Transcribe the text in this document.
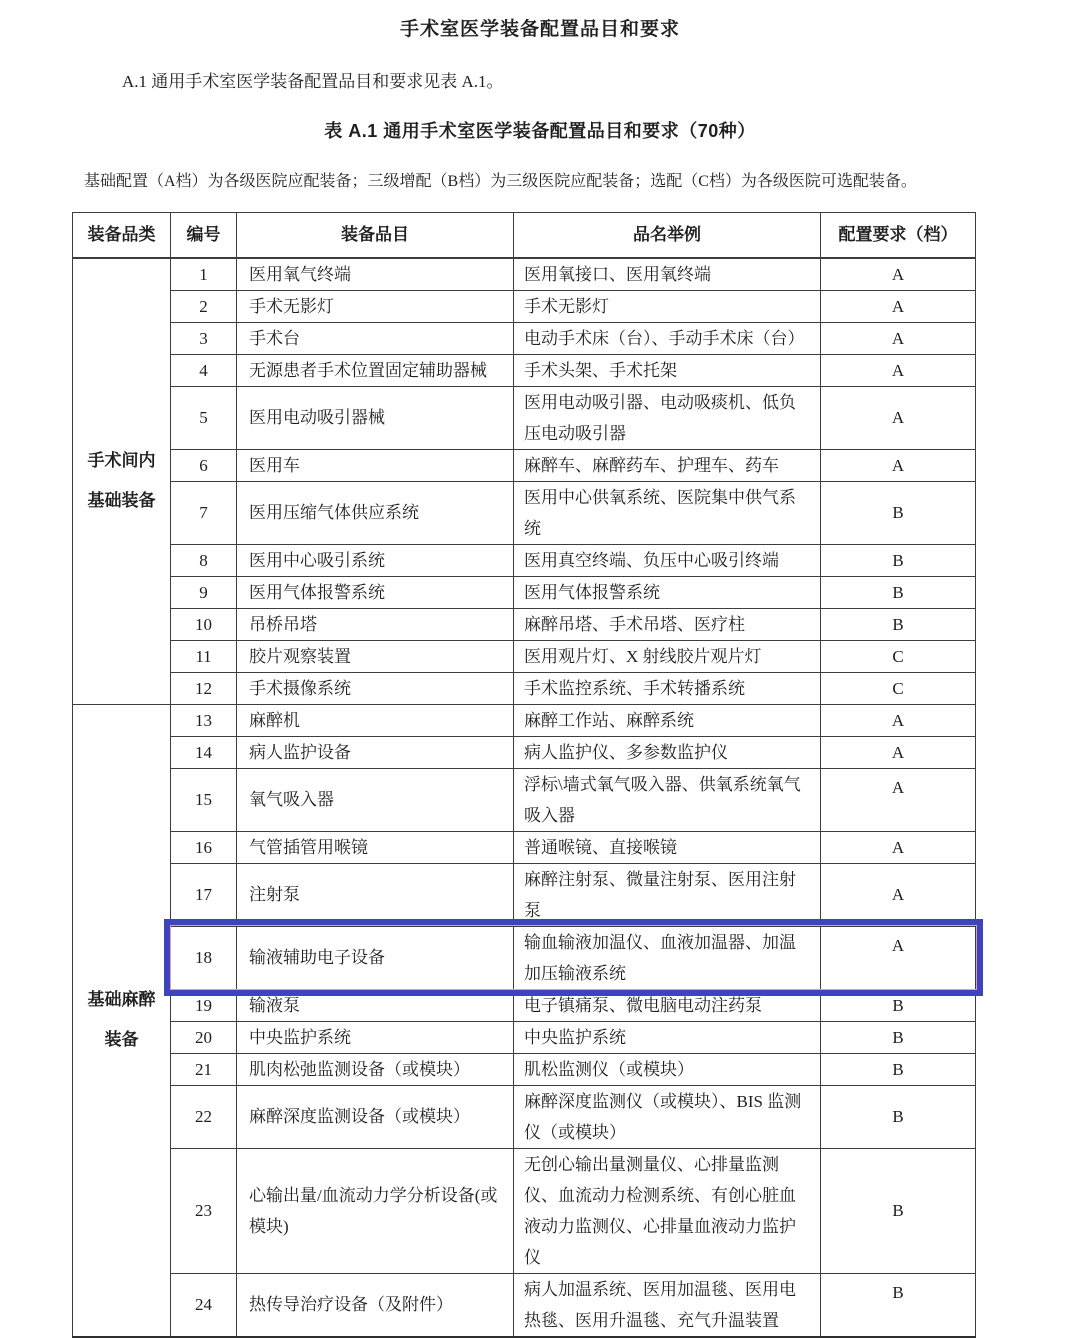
手术室医学装备配置品目和要求
A.1 通用手术室医学装备配置品目和要求见表 A.1。
表 A.1 通用手术室医学装备配置品目和要求（70种）
基础配置（A档）为各级医院应配装备；三级增配（B档）为三级医院应配装备；选配（C档）为各级医院可选配装备。
装备品类	编号	装备品目	品名举例	配置要求（档）

手术间内
基础装备	1	医用氧气终端	医用氧接口、医用氧终端	A
	2	手术无影灯	手术无影灯	A
	3	手术台	电动手术床（台）、手动手术床（台）	A
	4	无源患者手术位置固定辅助器械	手术头架、手术托架	A
	5	医用电动吸引器械	医用电动吸引器、电动吸痰机、低负压电动吸引器	A
	6	医用车	麻醉车、麻醉药车、护理车、药车	A
	7	医用压缩气体供应系统	医用中心供氧系统、医院集中供气系统	B
	8	医用中心吸引系统	医用真空终端、负压中心吸引终端	B
	9	医用气体报警系统	医用气体报警系统	B
	10	吊桥吊塔	麻醉吊塔、手术吊塔、医疗柱	B
	11	胶片观察装置	医用观片灯、X 射线胶片观片灯	C
	12	手术摄像系统	手术监控系统、手术转播系统	C

基础麻醉
装备	13	麻醉机	麻醉工作站、麻醉系统	A
	14	病人监护设备	病人监护仪、多参数监护仪	A
	15	氧气吸入器	浮标\墙式氧气吸入器、供氧系统氧气吸入器	A
	16	气管插管用喉镜	普通喉镜、直接喉镜	A
	17	注射泵	麻醉注射泵、微量注射泵、医用注射泵	A
	18	输液辅助电子设备	输血输液加温仪、血液加温器、加温加压输液系统	A
	19	输液泵	电子镇痛泵、微电脑电动注药泵	B
	20	中央监护系统	中央监护系统	B
	21	肌肉松弛监测设备（或模块）	肌松监测仪（或模块）	B
	22	麻醉深度监测设备（或模块）	麻醉深度监测仪（或模块）、BIS 监测仪（或模块）	B
	23	心输出量/血流动力学分析设备(或模块)	无创心输出量测量仪、心排量监测仪、血流动力检测系统、有创心脏血液动力监测仪、心排量血液动力监护仪	B
	24	热传导治疗设备（及附件）	病人加温系统、医用加温毯、医用电热毯、医用升温毯、充气升温装置	B
